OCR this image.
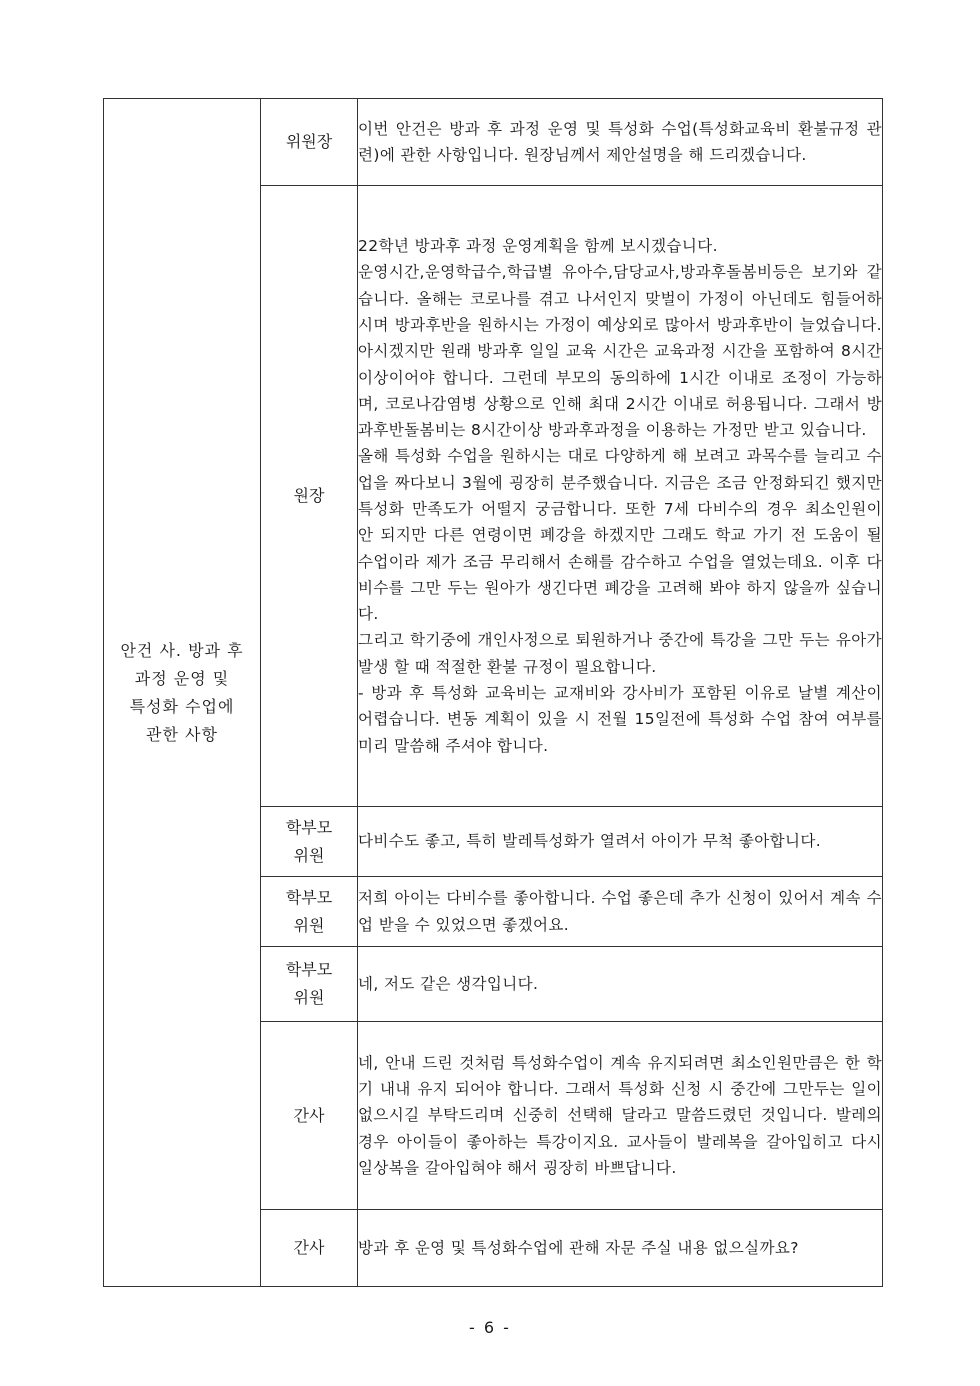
안건 사. 방과 후
과정 운영 및
특성화 수업에
관한 사항	위원장	이번 안건은 방과 후 과정 운영 및 특성화 수업(특성화교육비 환불규정 관련)에 관한 사항입니다. 원장님께서 제안설명을 해 드리겠습니다.

	원장	22학년 방과후 과정 운영계획을 함께 보시겠습니다.

운영시간,운영학급수,학급별 유아수,담당교사,방과후돌봄비등은 보기와 같습니다. 올해는 코로나를 겪고 나서인지 맞벌이 가정이 아닌데도 힘들어하시며 방과후반을 원하시는 가정이 예상외로 많아서 방과후반이 늘었습니다. 아시겠지만 원래 방과후 일일 교육 시간은 교육과정 시간을 포함하여 8시간 이상이어야 합니다. 그런데 부모의 동의하에 1시간 이내로 조정이 가능하며, 코로나감염병 상황으로 인해 최대 2시간 이내로 허용됩니다. 그래서 방과후반돌봄비는 8시간이상 방과후과정을 이용하는 가정만 받고 있습니다.

올해 특성화 수업을 원하시는 대로 다양하게 해 보려고 과목수를 늘리고 수업을 짜다보니 3월에 굉장히 분주했습니다. 지금은 조금 안정화되긴 했지만 특성화 만족도가 어떨지 궁금합니다. 또한 7세 다비수의 경우 최소인원이 안 되지만 다른 연령이면 폐강을 하겠지만 그래도 학교 가기 전 도움이 될 수업이라 제가 조금 무리해서 손해를 감수하고 수업을 열었는데요. 이후 다비수를 그만 두는 원아가 생긴다면 폐강을 고려해 봐야 하지 않을까 싶습니다.

그리고 학기중에 개인사정으로 퇴원하거나 중간에 특강을 그만 두는 유아가 발생 할 때 적절한 환불 규정이 필요합니다.

- 방과 후 특성화 교육비는 교재비와 강사비가 포함된 이유로 날별 계산이 어렵습니다. 변동 계획이 있을 시 전월 15일전에 특성화 수업 참여 여부를 미리 말씀해 주셔야 합니다.

	학부모
위원	다비수도 좋고, 특히 발레특성화가 열려서 아이가 무척 좋아합니다.

	학부모
위원	저희 아이는 다비수를 좋아합니다. 수업 좋은데 추가 신청이 있어서 계속 수업 받을 수 있었으면 좋겠어요.

	학부모
위원	네, 저도 같은 생각입니다.

	간사	네, 안내 드린 것처럼 특성화수업이 계속 유지되려면 최소인원만큼은 한 학기 내내 유지 되어야 합니다. 그래서 특성화 신청 시 중간에 그만두는 일이 없으시길 부탁드리며 신중히 선택해 달라고 말씀드렸던 것입니다. 발레의 경우 아이들이 좋아하는 특강이지요. 교사들이 발레복을 갈아입히고 다시 일상복을 갈아입혀야 해서 굉장히 바쁘답니다.

	간사	방과 후 운영 및 특성화수업에 관해 자문 주실 내용 없으실까요?

- 6 -
